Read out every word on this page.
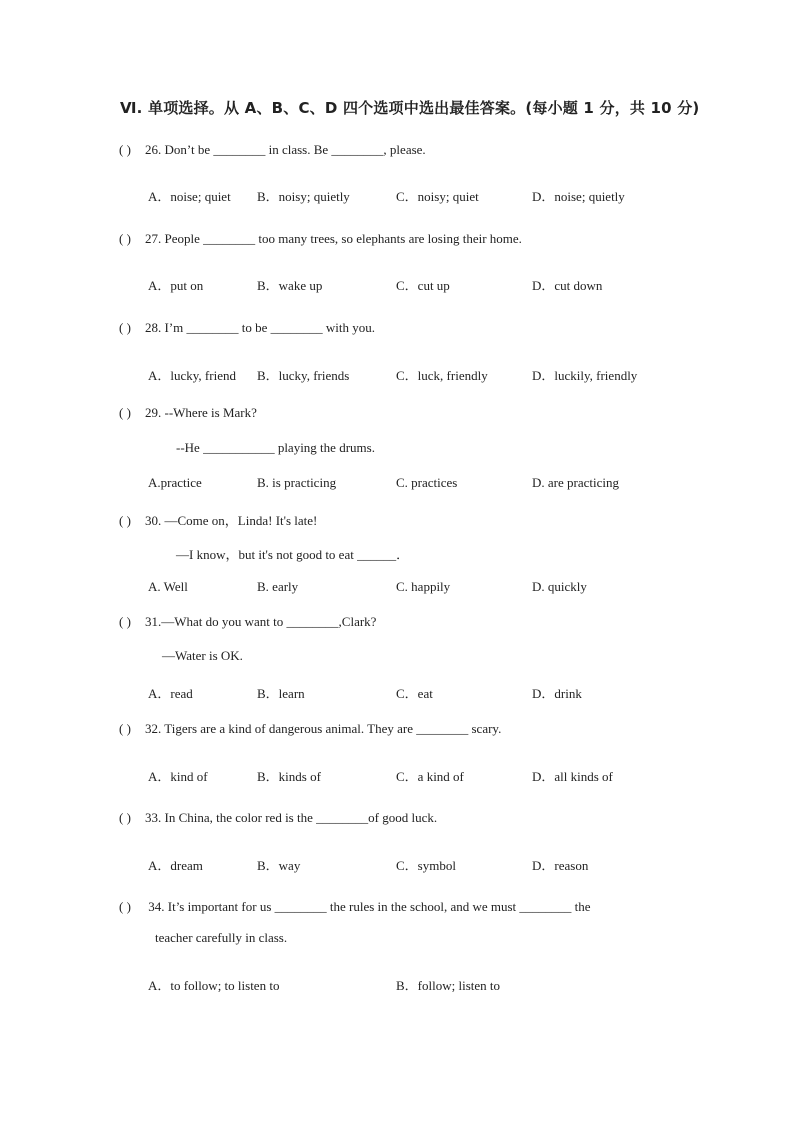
Ⅵ. 单项选择。从 A、B、C、D 四个选项中选出最佳答案。(每小题 1 分，共 10 分)
( ) 26. Don’t be ________ in class. Be ________, please.
A．noise; quiet B．noisy; quietly	C．noisy; quiet	D．noise; quietly
( ) 27. People ________ too many trees, so elephants are losing their home.
A．put on	B．wake up	C．cut up	D．cut down
( ) 28. I’m ________ to be ________ with you.
A．lucky, friend B．lucky, friends	C．luck, friendly	D．luckily, friendly
( ) 29. --Where is Mark?
--He ___________ playing the drums.
A.practice	B. is practicing	C. practices	D. are practicing
( ) 30. —Come on，Linda! It's late!
—I know，but it's not good to eat ______．
A. Well	B. early	C. happily	D. quickly
( ) 31.—What do you want to ________,Clark?
—Water is OK.
A．read	B．learn	C．eat	D．drink
( ) 32. Tigers are a kind of dangerous animal. They are ________ scary.
A．kind of	B．kinds of	C．a kind of	D．all kinds of
( ) 33. In China, the color red is the ________of good luck.
A．dream	B．way	C．symbol	D．reason
( ) 34. It’s important for us ________ the rules in the school, and we must ________ the
teacher carefully in class.
A．to follow; to listen to	B．follow; listen to
